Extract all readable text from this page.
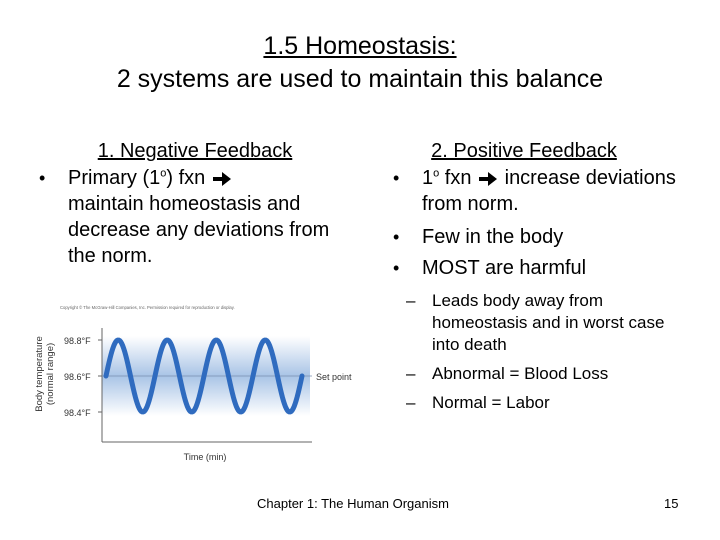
1.5 Homeostasis:
2 systems are used to maintain this balance
1. Negative Feedback
• Primary (1$^o$) fxn
maintain homeostasis and decrease any deviations from the norm.
2. Positive Feedback
• 1$^o$ fxn  increase deviations from norm.
• Few in the body
• MOST are harmful
– Leads body away from homeostasis and in worst case into death
– Abnormal = Blood Loss
– Normal = Labor
Copyright © The McGraw-Hill Companies, Inc. Permission required for reproduction or display.
Body temperature (normal range)
98.8°F
98.6°F
98.4°F
Set point
Time (min)
Chapter 1: The Human Organism	15
